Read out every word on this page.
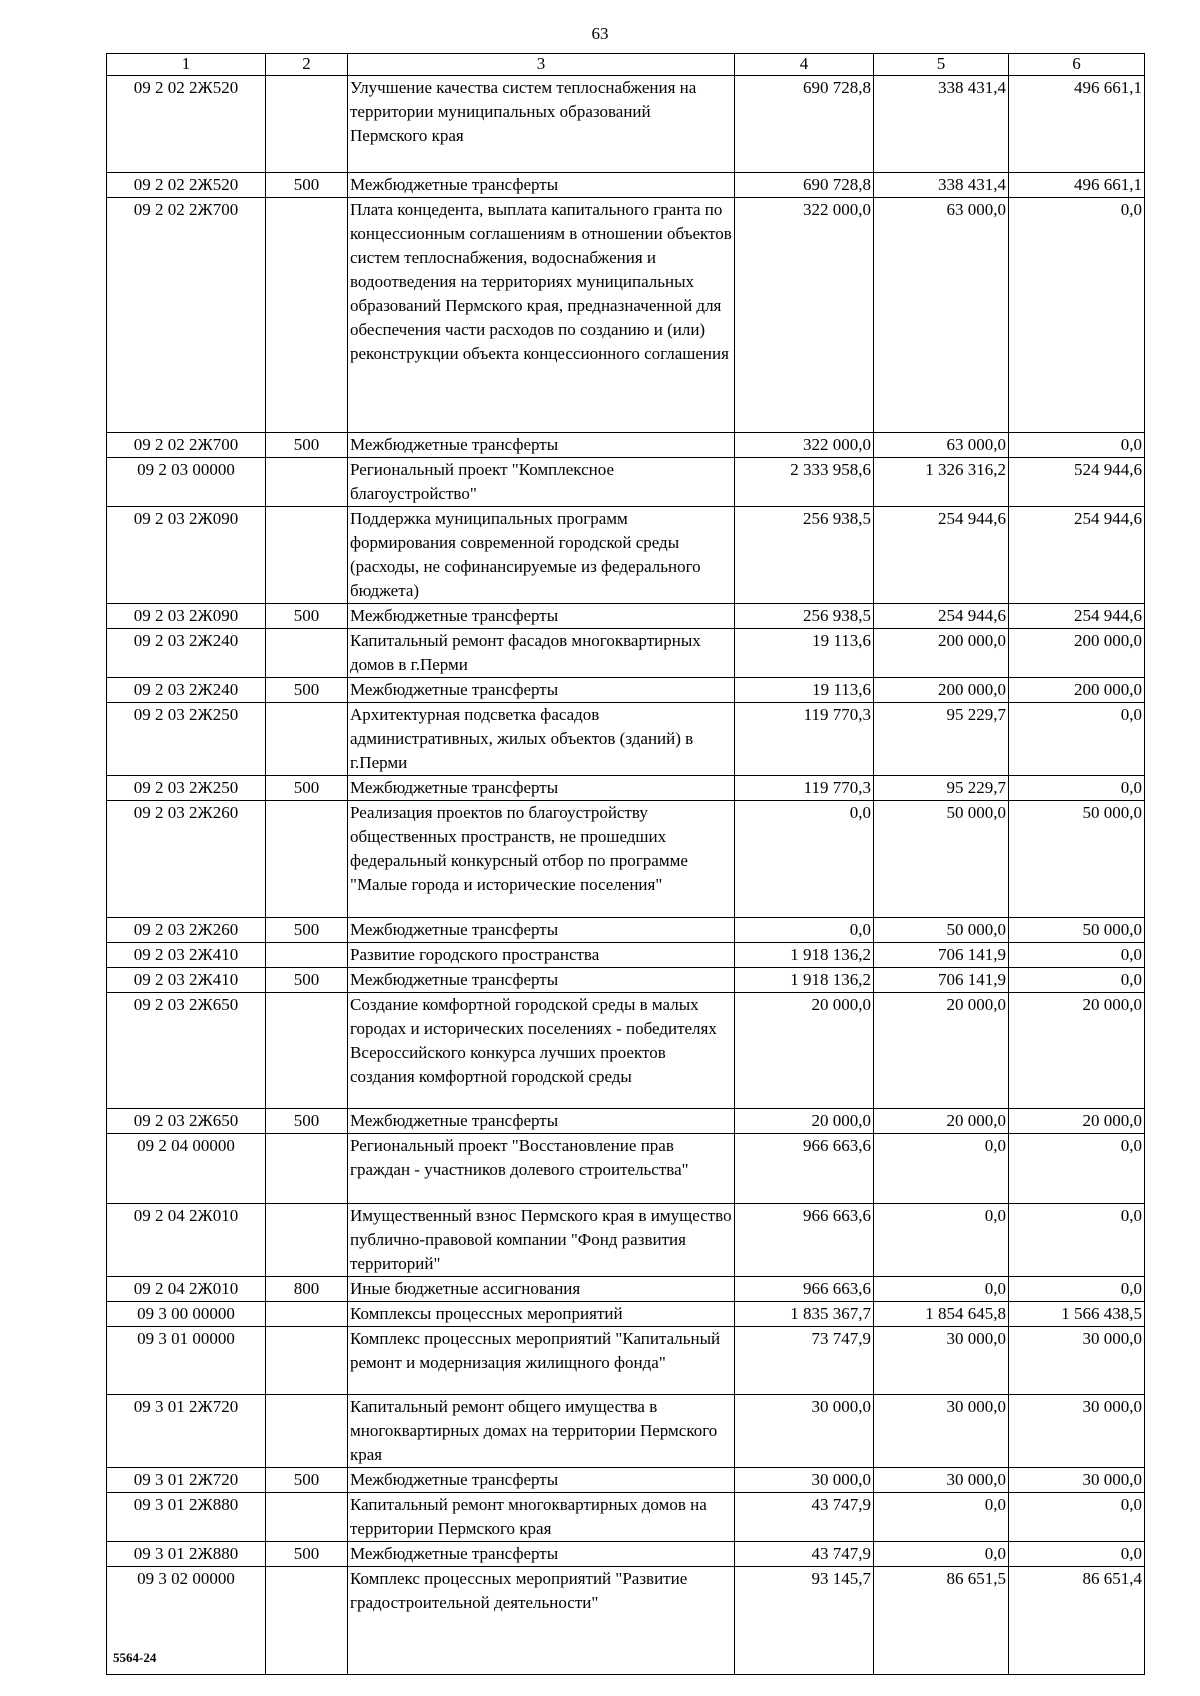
63
1	2	3	4	5	6
09 2 02 2Ж520		Улучшение качества систем теплоснабжения на территории муниципальных образований Пермского края	690 728,8	338 431,4	496 661,1
09 2 02 2Ж520	500	Межбюджетные трансферты	690 728,8	338 431,4	496 661,1
09 2 02 2Ж700		Плата концедента, выплата капитального гранта по концессионным соглашениям в отношении объектов систем теплоснабжения, водоснабжения и водоотведения на территориях муниципальных образований Пермского края, предназначенной для обеспечения части расходов по созданию и (или) реконструкции объекта концессионного соглашения	322 000,0	63 000,0	0,0
09 2 02 2Ж700	500	Межбюджетные трансферты	322 000,0	63 000,0	0,0
09 2 03 00000		Региональный проект "Комплексное благоустройство"	2 333 958,6	1 326 316,2	524 944,6
09 2 03 2Ж090		Поддержка муниципальных программ формирования современной городской среды (расходы, не софинансируемые из федерального бюджета)	256 938,5	254 944,6	254 944,6
09 2 03 2Ж090	500	Межбюджетные трансферты	256 938,5	254 944,6	254 944,6
09 2 03 2Ж240		Капитальный ремонт фасадов многоквартирных домов в г.Перми	19 113,6	200 000,0	200 000,0
09 2 03 2Ж240	500	Межбюджетные трансферты	19 113,6	200 000,0	200 000,0
09 2 03 2Ж250		Архитектурная подсветка фасадов административных, жилых объектов (зданий) в г.Перми	119 770,3	95 229,7	0,0
09 2 03 2Ж250	500	Межбюджетные трансферты	119 770,3	95 229,7	0,0
09 2 03 2Ж260		Реализация проектов по благоустройству общественных пространств, не прошедших федеральный конкурсный отбор по программе "Малые города и исторические поселения"	0,0	50 000,0	50 000,0
09 2 03 2Ж260	500	Межбюджетные трансферты	0,0	50 000,0	50 000,0
09 2 03 2Ж410		Развитие городского пространства	1 918 136,2	706 141,9	0,0
09 2 03 2Ж410	500	Межбюджетные трансферты	1 918 136,2	706 141,9	0,0
09 2 03 2Ж650		Создание комфортной городской среды в малых городах и исторических поселениях - победителях Всероссийского конкурса лучших проектов создания комфортной городской среды	20 000,0	20 000,0	20 000,0
09 2 03 2Ж650	500	Межбюджетные трансферты	20 000,0	20 000,0	20 000,0
09 2 04 00000		Региональный проект "Восстановление прав граждан - участников долевого строительства"	966 663,6	0,0	0,0
09 2 04 2Ж010		Имущественный взнос Пермского края в имущество публично-правовой компании "Фонд развития территорий"	966 663,6	0,0	0,0
09 2 04 2Ж010	800	Иные бюджетные ассигнования	966 663,6	0,0	0,0
09 3 00 00000		Комплексы процессных мероприятий	1 835 367,7	1 854 645,8	1 566 438,5
09 3 01 00000		Комплекс процессных мероприятий "Капитальный ремонт и модернизация жилищного фонда"	73 747,9	30 000,0	30 000,0
09 3 01 2Ж720		Капитальный ремонт общего имущества в многоквартирных домах на территории Пермского края	30 000,0	30 000,0	30 000,0
09 3 01 2Ж720	500	Межбюджетные трансферты	30 000,0	30 000,0	30 000,0
09 3 01 2Ж880		Капитальный ремонт многоквартирных домов на территории Пермского края	43 747,9	0,0	0,0
09 3 01 2Ж880	500	Межбюджетные трансферты	43 747,9	0,0	0,0
09 3 02 00000		Комплекс процессных мероприятий "Развитие градостроительной деятельности"	93 145,7	86 651,5	86 651,4
5564-24
